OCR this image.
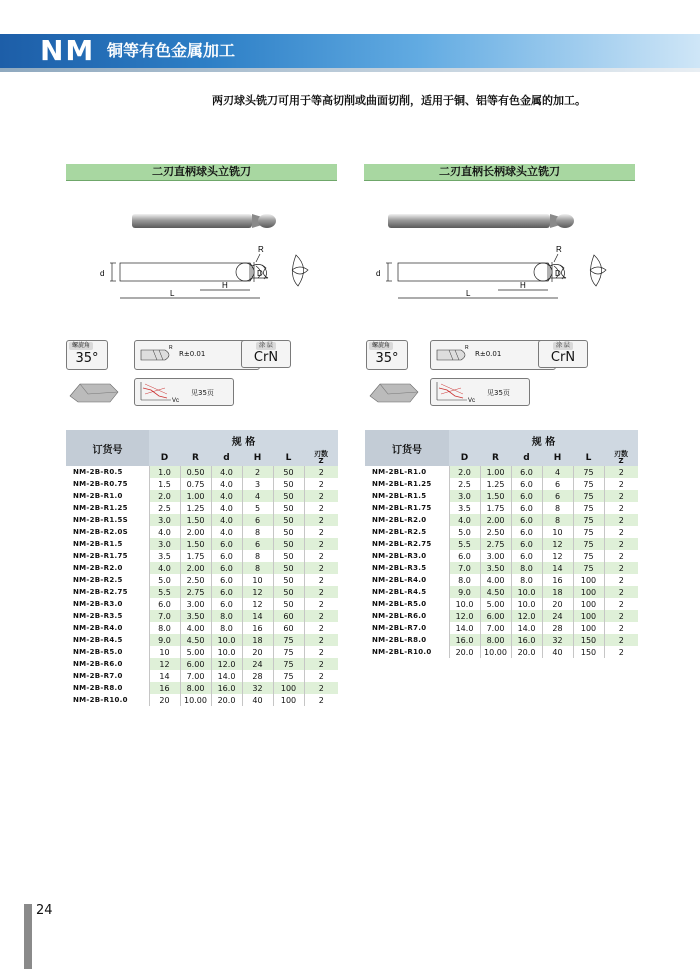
NM 铜等有色金属加工
两刃球头铣刀可用于等高切削或曲面切削，适用于铜、铝等有色金属的加工。
二刃直柄球头立铣刀
d	D
R
H
L
螺旋角
35°
R
R±0.01
涂 层
CrN
Vc
见35页
订货号	规 格					
	D	R	d	H	L	刃数
Z
NM-2B-R0.5	1.0	0.50	4.0	2	50	2
NM-2B-R0.75	1.5	0.75	4.0	3	50	2
NM-2B-R1.0	2.0	1.00	4.0	4	50	2
NM-2B-R1.25	2.5	1.25	4.0	5	50	2
NM-2B-R1.5S	3.0	1.50	4.0	6	50	2
NM-2B-R2.0S	4.0	2.00	4.0	8	50	2
NM-2B-R1.5	3.0	1.50	6.0	6	50	2
NM-2B-R1.75	3.5	1.75	6.0	8	50	2
NM-2B-R2.0	4.0	2.00	6.0	8	50	2
NM-2B-R2.5	5.0	2.50	6.0	10	50	2
NM-2B-R2.75	5.5	2.75	6.0	12	50	2
NM-2B-R3.0	6.0	3.00	6.0	12	50	2
NM-2B-R3.5	7.0	3.50	8.0	14	60	2
NM-2B-R4.0	8.0	4.00	8.0	16	60	2
NM-2B-R4.5	9.0	4.50	10.0	18	75	2
NM-2B-R5.0	10	5.00	10.0	20	75	2
NM-2B-R6.0	12	6.00	12.0	24	75	2
NM-2B-R7.0	14	7.00	14.0	28	75	2
NM-2B-R8.0	16	8.00	16.0	32	100	2
NM-2B-R10.0	20	10.00	20.0	40	100	2
二刃直柄长柄球头立铣刀
d	D
R
H
L
螺旋角
35°
R
R±0.01
涂 层
CrN
Vc
见35页
订货号	规 格					
	D	R	d	H	L	刃数
Z
NM-2BL-R1.0	2.0	1.00	6.0	4	75	2
NM-2BL-R1.25	2.5	1.25	6.0	6	75	2
NM-2BL-R1.5	3.0	1.50	6.0	6	75	2
NM-2BL-R1.75	3.5	1.75	6.0	8	75	2
NM-2BL-R2.0	4.0	2.00	6.0	8	75	2
NM-2BL-R2.5	5.0	2.50	6.0	10	75	2
NM-2BL-R2.75	5.5	2.75	6.0	12	75	2
NM-2BL-R3.0	6.0	3.00	6.0	12	75	2
NM-2BL-R3.5	7.0	3.50	8.0	14	75	2
NM-2BL-R4.0	8.0	4.00	8.0	16	100	2
NM-2BL-R4.5	9.0	4.50	10.0	18	100	2
NM-2BL-R5.0	10.0	5.00	10.0	20	100	2
NM-2BL-R6.0	12.0	6.00	12.0	24	100	2
NM-2BL-R7.0	14.0	7.00	14.0	28	100	2
NM-2BL-R8.0	16.0	8.00	16.0	32	150	2
NM-2BL-R10.0	20.0	10.00	20.0	40	150	2
24
